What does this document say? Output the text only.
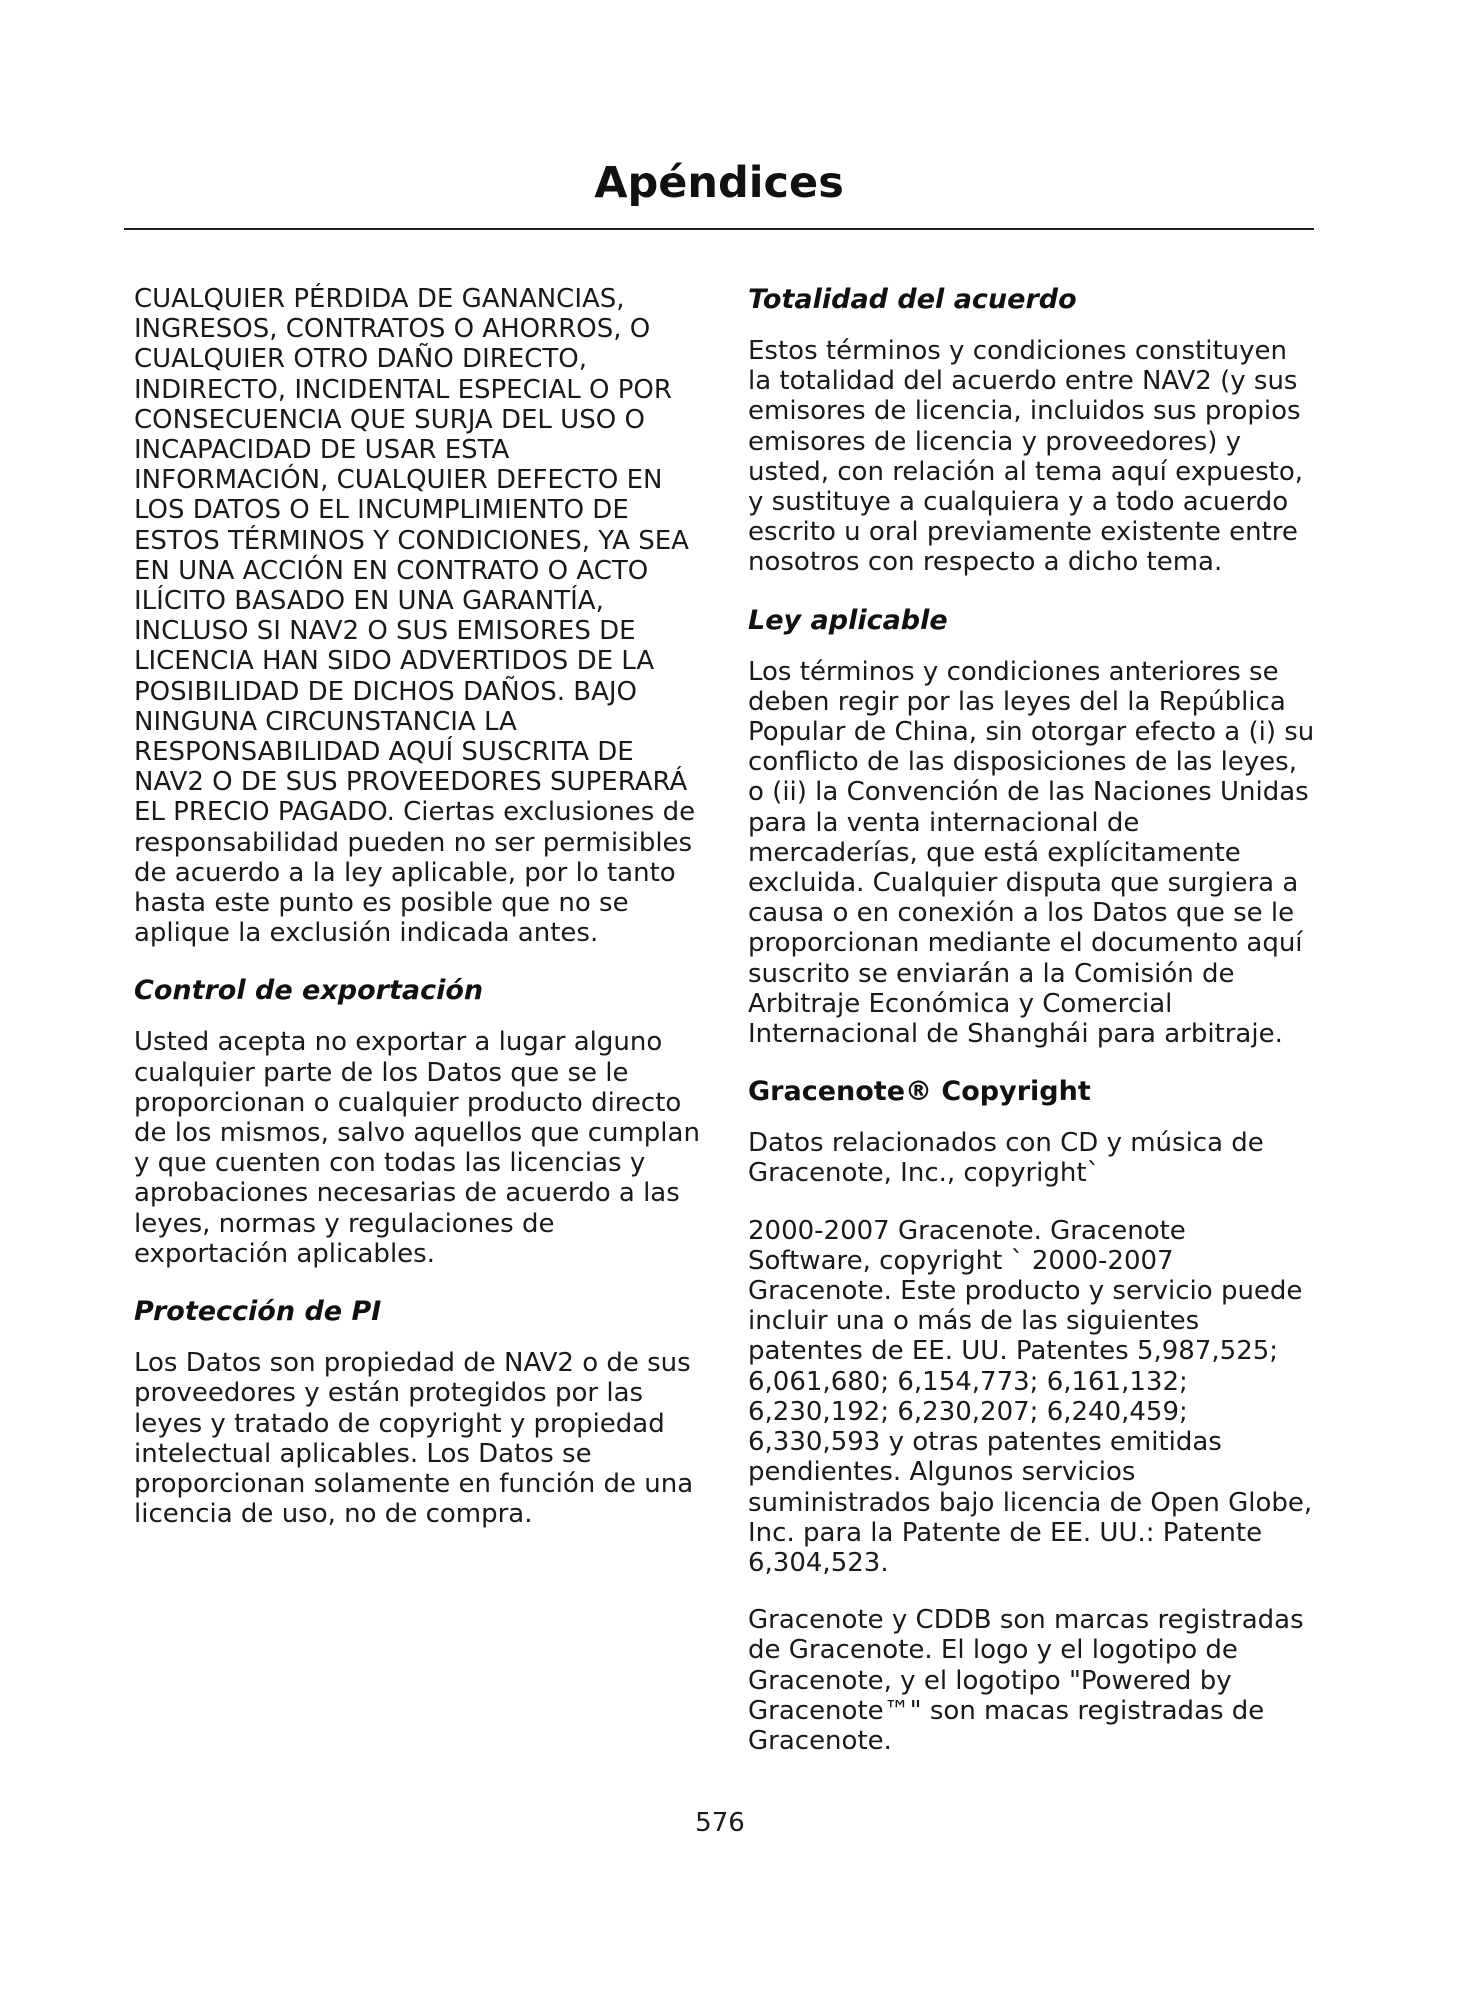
Apéndices

CUALQUIER PÉRDIDA DE GANANCIAS, INGRESOS, CONTRATOS O AHORROS, O CUALQUIER OTRO DAÑO DIRECTO, INDIRECTO, INCIDENTAL ESPECIAL O POR CONSECUENCIA QUE SURJA DEL USO O INCAPACIDAD DE USAR ESTA INFORMACIÓN, CUALQUIER DEFECTO EN LOS DATOS O EL INCUMPLIMIENTO DE ESTOS TÉRMINOS Y CONDICIONES, YA SEA EN UNA ACCIÓN EN CONTRATO O ACTO ILÍCITO BASADO EN UNA GARANTÍA, INCLUSO SI NAV2 O SUS EMISORES DE LICENCIA HAN SIDO ADVERTIDOS DE LA POSIBILIDAD DE DICHOS DAÑOS. BAJO NINGUNA CIRCUNSTANCIA LA RESPONSABILIDAD AQUÍ SUSCRITA DE NAV2 O DE SUS PROVEEDORES SUPERARÁ EL PRECIO PAGADO. Ciertas exclusiones de responsabilidad pueden no ser permisibles de acuerdo a la ley aplicable, por lo tanto hasta este punto es posible que no se aplique la exclusión indicada antes.

Control de exportación

Usted acepta no exportar a lugar alguno cualquier parte de los Datos que se le proporcionan o cualquier producto directo de los mismos, salvo aquellos que cumplan y que cuenten con todas las licencias y aprobaciones necesarias de acuerdo a las leyes, normas y regulaciones de exportación aplicables.

Protección de PI

Los Datos son propiedad de NAV2 o de sus proveedores y están protegidos por las leyes y tratado de copyright y propiedad intelectual aplicables. Los Datos se proporcionan solamente en función de una licencia de uso, no de compra.

Totalidad del acuerdo

Estos términos y condiciones constituyen la totalidad del acuerdo entre NAV2 (y sus emisores de licencia, incluidos sus propios emisores de licencia y proveedores) y usted, con relación al tema aquí expuesto, y sustituye a cualquiera y a todo acuerdo escrito u oral previamente existente entre nosotros con respecto a dicho tema.

Ley aplicable

Los términos y condiciones anteriores se deben regir por las leyes del la República Popular de China, sin otorgar efecto a (i) su conflicto de las disposiciones de las leyes, o (ii) la Convención de las Naciones Unidas para la venta internacional de mercaderías, que está explícitamente excluida. Cualquier disputa que surgiera a causa o en conexión a los Datos que se le proporcionan mediante el documento aquí suscrito se enviarán a la Comisión de Arbitraje Económica y Comercial Internacional de Shanghái para arbitraje.

Gracenote® Copyright

Datos relacionados con CD y música de Gracenote, Inc., copyright`

2000-2007 Gracenote. Gracenote Software, copyright ` 2000-2007 Gracenote. Este producto y servicio puede incluir una o más de las siguientes patentes de EE. UU. Patentes 5,987,525; 6,061,680; 6,154,773; 6,161,132; 6,230,192; 6,230,207; 6,240,459; 6,330,593 y otras patentes emitidas pendientes. Algunos servicios suministrados bajo licencia de Open Globe, Inc. para la Patente de EE. UU.: Patente 6,304,523.

Gracenote y CDDB son marcas registradas de Gracenote. El logo y el logotipo de Gracenote, y el logotipo "Powered by Gracenote™" son macas registradas de Gracenote.

576
